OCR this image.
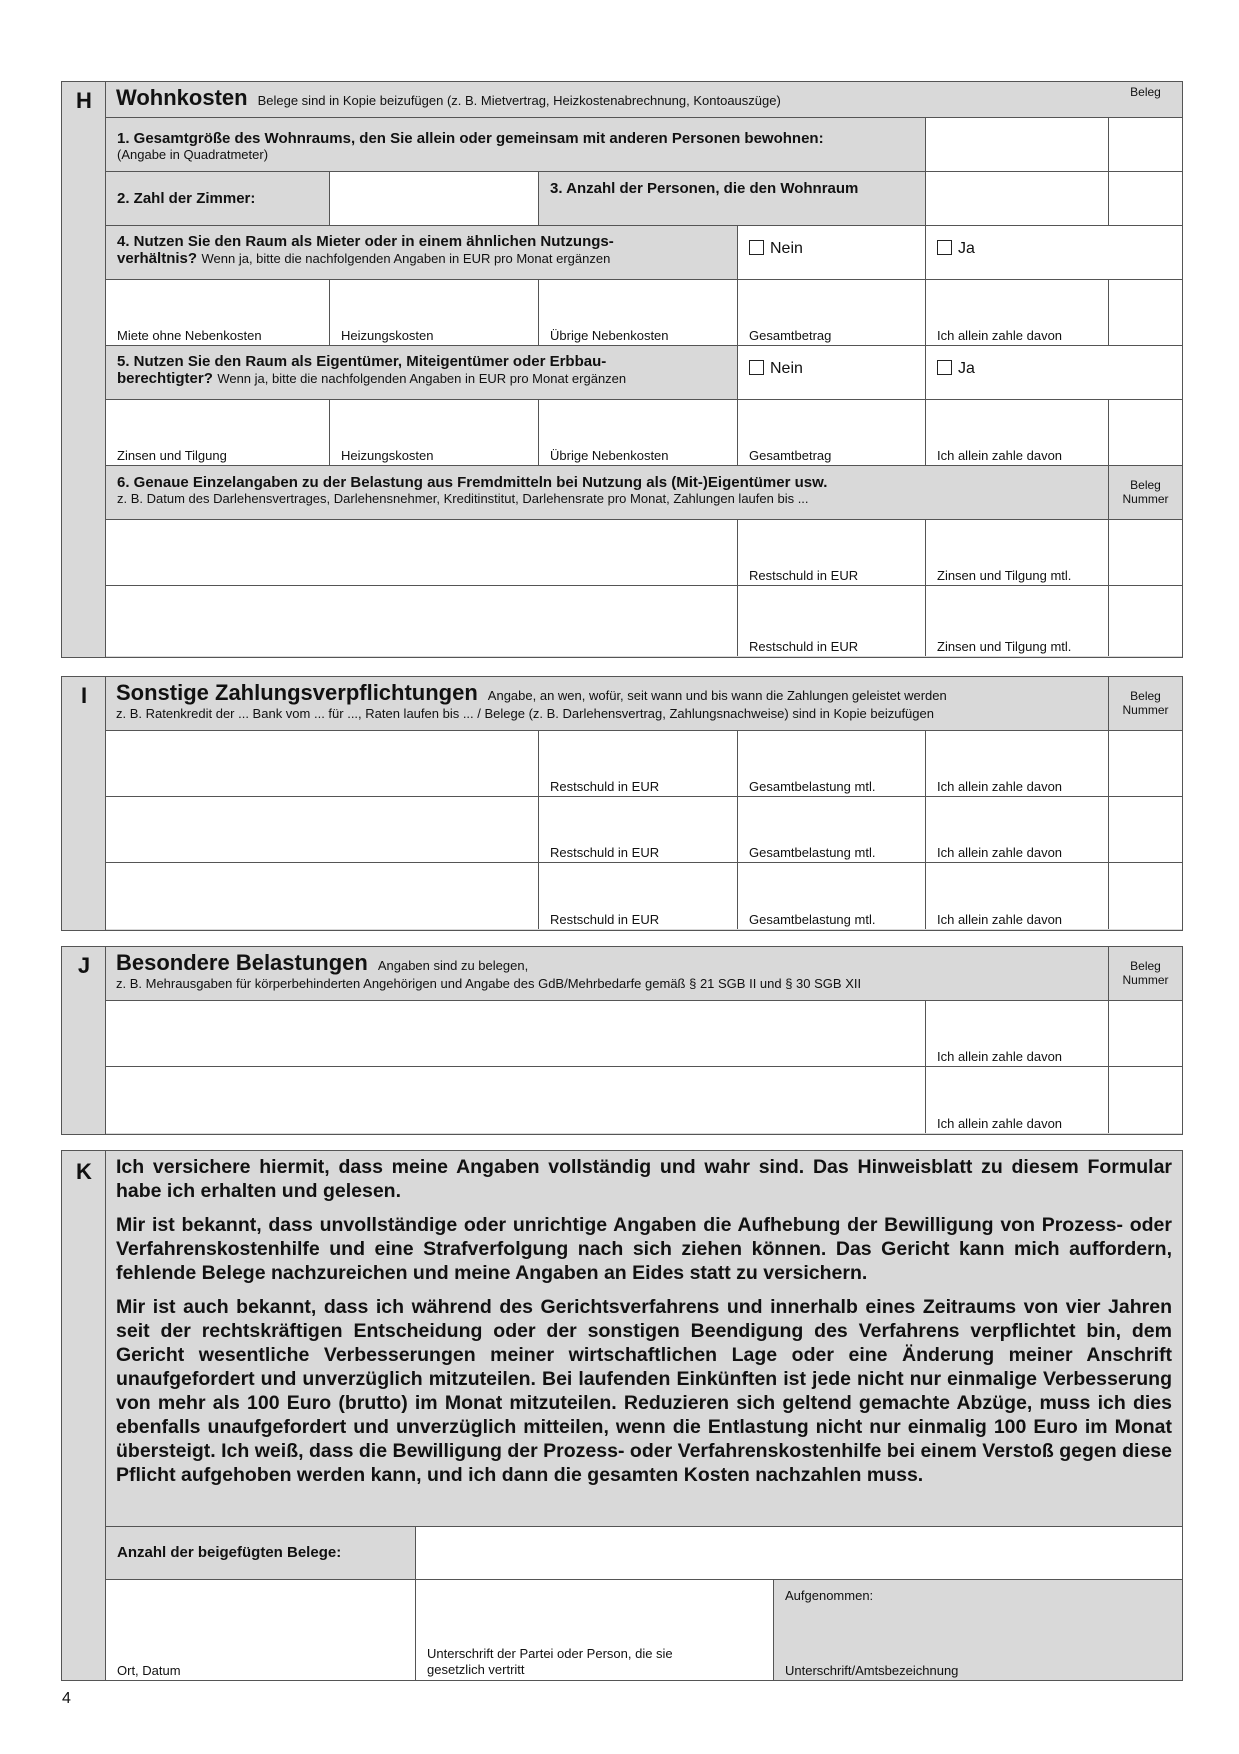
H	Wohnkosten Belege sind in Kopie beizufügen (z. B. Mietvertrag, Heizkostenabrechnung, Kontoauszüge)
Beleg
1. Gesamtgröße des Wohnraums, den Sie allein oder gemeinsam mit anderen Personen bewohnen:
(Angabe in Quadratmeter)
2. Zahl der Zimmer:
3. Anzahl der Personen, die den Wohnraum
4. Nutzen Sie den Raum als Mieter oder in einem ähnlichen Nutzungs-
verhältnis? Wenn ja, bitte die nachfolgenden Angaben in EUR pro Monat ergänzen
Nein	Ja
Miete ohne Nebenkosten	Heizungskosten	Übrige Nebenkosten	Gesamtbetrag	Ich allein zahle davon
5. Nutzen Sie den Raum als Eigentümer, Miteigentümer oder Erbbau-
berechtigter? Wenn ja, bitte die nachfolgenden Angaben in EUR pro Monat ergänzen
Nein	Ja
Zinsen und Tilgung	Heizungskosten	Übrige Nebenkosten	Gesamtbetrag	Ich allein zahle davon
6. Genaue Einzelangaben zu der Belastung aus Fremdmitteln bei Nutzung als (Mit-)Eigentümer usw.
z. B. Datum des Darlehensvertrages, Darlehensnehmer, Kreditinstitut, Darlehensrate pro Monat, Zahlungen laufen bis ...
Beleg
Nummer
Restschuld in EUR	Zinsen und Tilgung mtl.
Restschuld in EUR	Zinsen und Tilgung mtl.
I	Sonstige Zahlungsverpflichtungen Angabe, an wen, wofür, seit wann und bis wann die Zahlungen geleistet werden
z. B. Ratenkredit der ... Bank vom ... für ..., Raten laufen bis ... / Belege (z. B. Darlehensvertrag, Zahlungsnachweise) sind in Kopie beizufügen
Beleg
Nummer
Restschuld in EUR	Gesamtbelastung mtl.	Ich allein zahle davon
Restschuld in EUR	Gesamtbelastung mtl.	Ich allein zahle davon
Restschuld in EUR	Gesamtbelastung mtl.	Ich allein zahle davon
J	Besondere Belastungen Angaben sind zu belegen,
z. B. Mehrausgaben für körperbehinderten Angehörigen und Angabe des GdB/Mehrbedarfe gemäß § 21 SGB II und § 30 SGB XII
Beleg
Nummer
Ich allein zahle davon
Ich allein zahle davon
K	Ich versichere hiermit, dass meine Angaben vollständig und wahr sind. Das Hinweisblatt zu diesem Formular habe ich erhalten und gelesen.

Mir ist bekannt, dass unvollständige oder unrichtige Angaben die Aufhebung der Bewilligung von Prozess- oder Verfahrenskostenhilfe und eine Strafverfolgung nach sich ziehen können. Das Gericht kann mich auffordern, fehlende Belege nachzureichen und meine Angaben an Eides statt zu versichern.

Mir ist auch bekannt, dass ich während des Gerichtsverfahrens und innerhalb eines Zeitraums von vier Jahren seit der rechtskräftigen Entscheidung oder der sonstigen Beendigung des Verfahrens verpflichtet bin, dem Gericht wesentliche Verbesserungen meiner wirtschaftlichen Lage oder eine Änderung meiner Anschrift unaufgefordert und unverzüglich mitzuteilen. Bei laufenden Einkünften ist jede nicht nur einmalige Verbesserung von mehr als 100 Euro (brutto) im Monat mitzuteilen. Reduzieren sich geltend gemachte Abzüge, muss ich dies ebenfalls unaufgefordert und unverzüglich mitteilen, wenn die Entlastung nicht nur einmalig 100 Euro im Monat übersteigt. Ich weiß, dass die Bewilligung der Prozess- oder Verfahrenskostenhilfe bei einem Verstoß gegen diese Pflicht aufgehoben werden kann, und ich dann die gesamten Kosten nachzahlen muss.

Anzahl der beigefügten Belege:
Ort, Datum
Unterschrift der Partei oder Person, die sie
gesetzlich vertritt
Aufgenommen:
Unterschrift/Amtsbezeichnung
4
